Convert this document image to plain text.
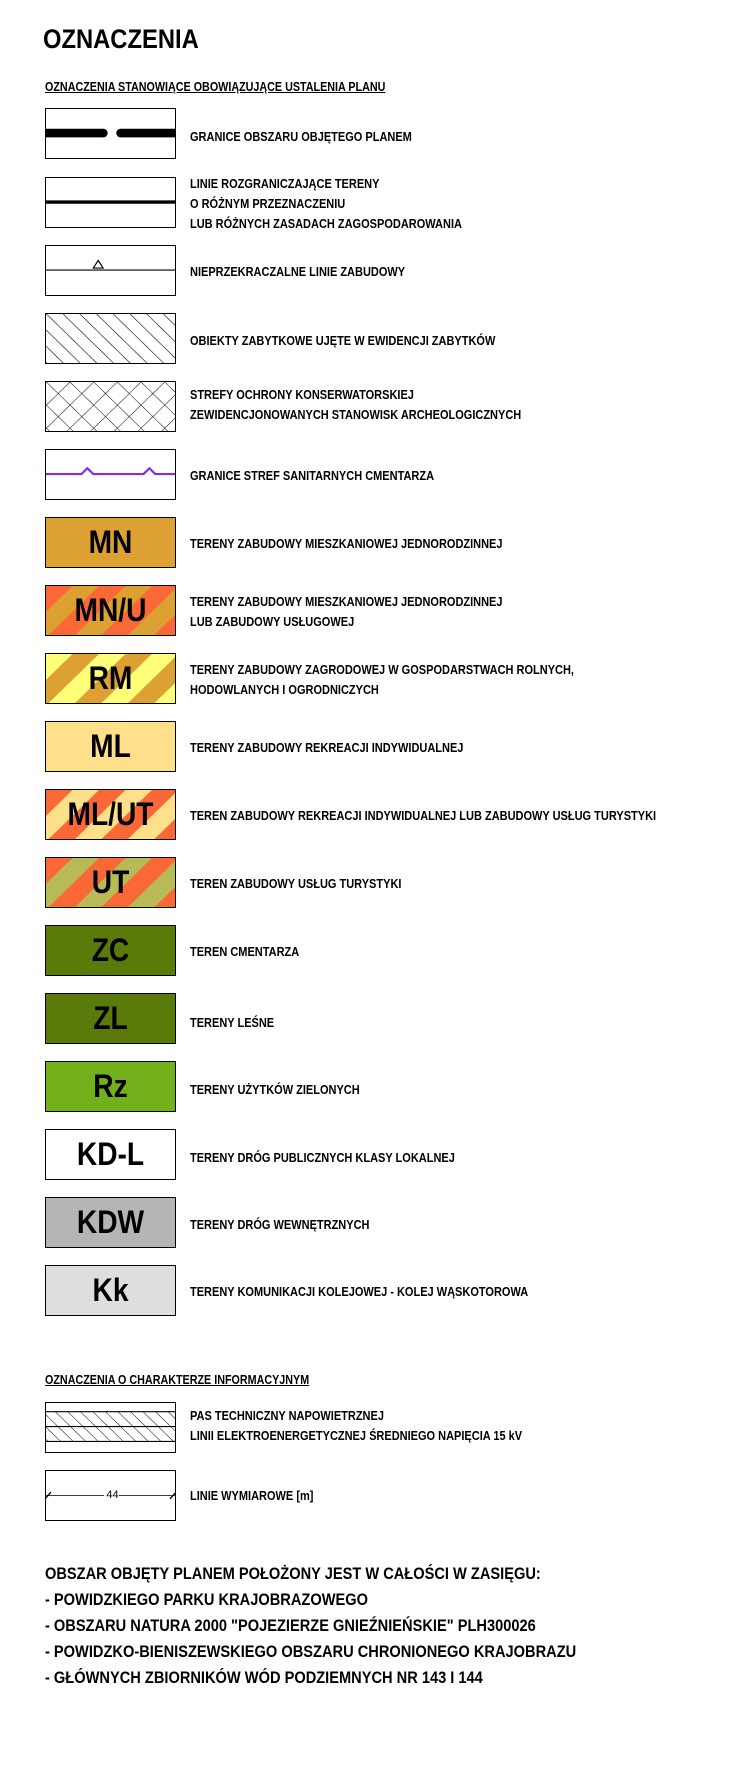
OZNACZENIA
OZNACZENIA STANOWIĄCE OBOWIĄZUJĄCE USTALENIA PLANU
GRANICE OBSZARU OBJĘTEGO PLANEM
LINIE ROZGRANICZAJĄCE TERENY
O RÓŻNYM PRZEZNACZENIU
LUB RÓŻNYCH ZASADACH ZAGOSPODAROWANIA
NIEPRZEKRACZALNE LINIE ZABUDOWY
OBIEKTY ZABYTKOWE UJĘTE W EWIDENCJI ZABYTKÓW
STREFY OCHRONY KONSERWATORSKIEJ
ZEWIDENCJONOWANYCH STANOWISK ARCHEOLOGICZNYCH
GRANICE STREF SANITARNYCH CMENTARZA
MN	TERENY ZABUDOWY MIESZKANIOWEJ JEDNORODZINNEJ
MN/U	TERENY ZABUDOWY MIESZKANIOWEJ JEDNORODZINNEJ
LUB ZABUDOWY USŁUGOWEJ
RM	TERENY ZABUDOWY ZAGRODOWEJ W GOSPODARSTWACH ROLNYCH,
HODOWLANYCH I OGRODNICZYCH
ML	TERENY ZABUDOWY REKREACJI INDYWIDUALNEJ
ML/UT	TEREN ZABUDOWY REKREACJI INDYWIDUALNEJ LUB ZABUDOWY USŁUG TURYSTYKI
UT	TEREN ZABUDOWY USŁUG TURYSTYKI
ZC	TEREN CMENTARZA
ZL	TERENY LEŚNE
Rz	TERENY UŻYTKÓW ZIELONYCH
KD-L	TERENY DRÓG PUBLICZNYCH KLASY LOKALNEJ
KDW	TERENY DRÓG WEWNĘTRZNYCH
Kk	TERENY KOMUNIKACJI KOLEJOWEJ - KOLEJ WĄSKOTOROWA
OZNACZENIA O CHARAKTERZE INFORMACYJNYM
PAS TECHNICZNY NAPOWIETRZNEJ
LINII ELEKTROENERGETYCZNEJ ŚREDNIEGO NAPIĘCIA 15 kV
44	LINIE WYMIAROWE [m]
OBSZAR OBJĘTY PLANEM POŁOŻONY JEST W CAŁOŚCI W ZASIĘGU:
- POWIDZKIEGO PARKU KRAJOBRAZOWEGO
- OBSZARU NATURA 2000 "POJEZIERZE GNIEŹNIEŃSKIE" PLH300026
- POWIDZKO-BIENISZEWSKIEGO OBSZARU CHRONIONEGO KRAJOBRAZU
- GŁÓWNYCH ZBIORNIKÓW WÓD PODZIEMNYCH NR 143 I 144
